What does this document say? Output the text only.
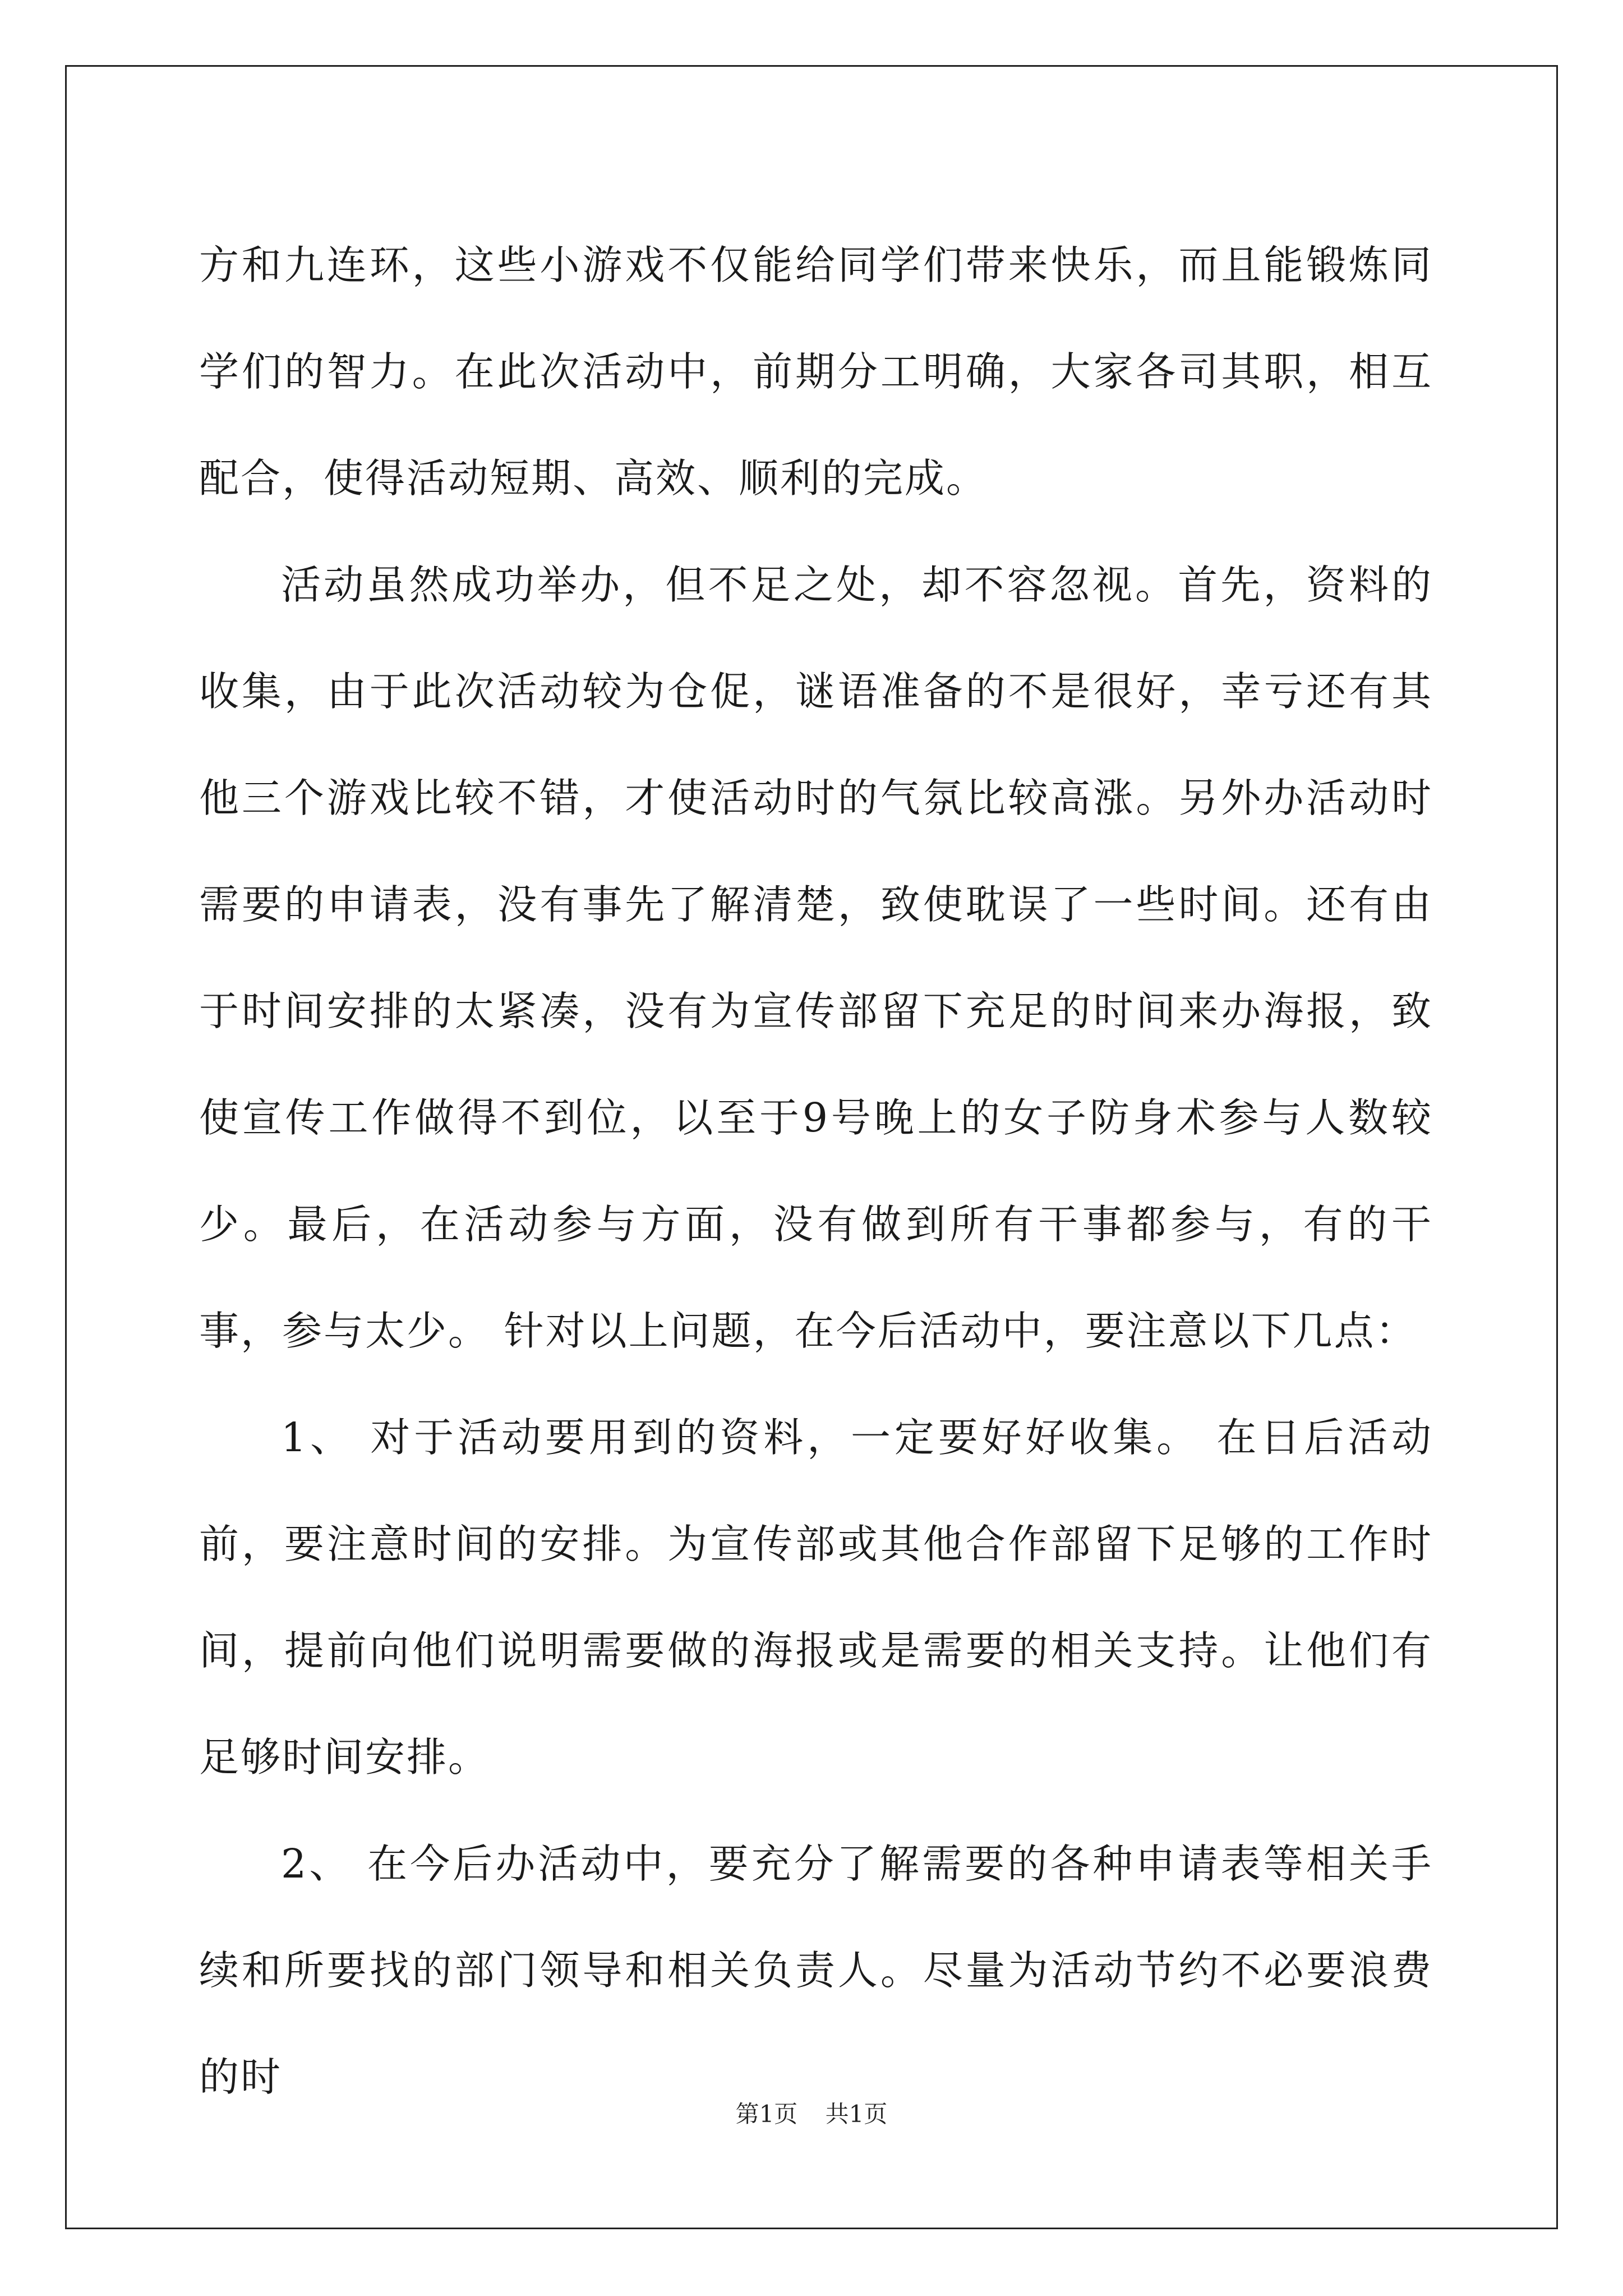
方和九连环，这些小游戏不仅能给同学们带来快乐，而且能锻炼同学们的智力。在此次活动中，前期分工明确，大家各司其职，相互配合，使得活动短期、高效、顺利的完成。

活动虽然成功举办，但不足之处，却不容忽视。首先，资料的收集，由于此次活动较为仓促，谜语准备的不是很好，幸亏还有其他三个游戏比较不错，才使活动时的气氛比较高涨。另外办活动时需要的申请表，没有事先了解清楚，致使耽误了一些时间。还有由于时间安排的太紧凑，没有为宣传部留下充足的时间来办海报，致使宣传工作做得不到位，以至于9号晚上的女子防身术参与人数较少。最后，在活动参与方面，没有做到所有干事都参与，有的干事，参与太少。 针对以上问题，在今后活动中，要注意以下几点：

1、 对于活动要用到的资料，一定要好好收集。 在日后活动前，要注意时间的安排。为宣传部或其他合作部留下足够的工作时间，提前向他们说明需要做的海报或是需要的相关支持。让他们有足够时间安排。

2、 在今后办活动中，要充分了解需要的各种申请表等相关手续和所要找的部门领导和相关负责人。尽量为活动节约不必要浪费的时

第1页 共1页
